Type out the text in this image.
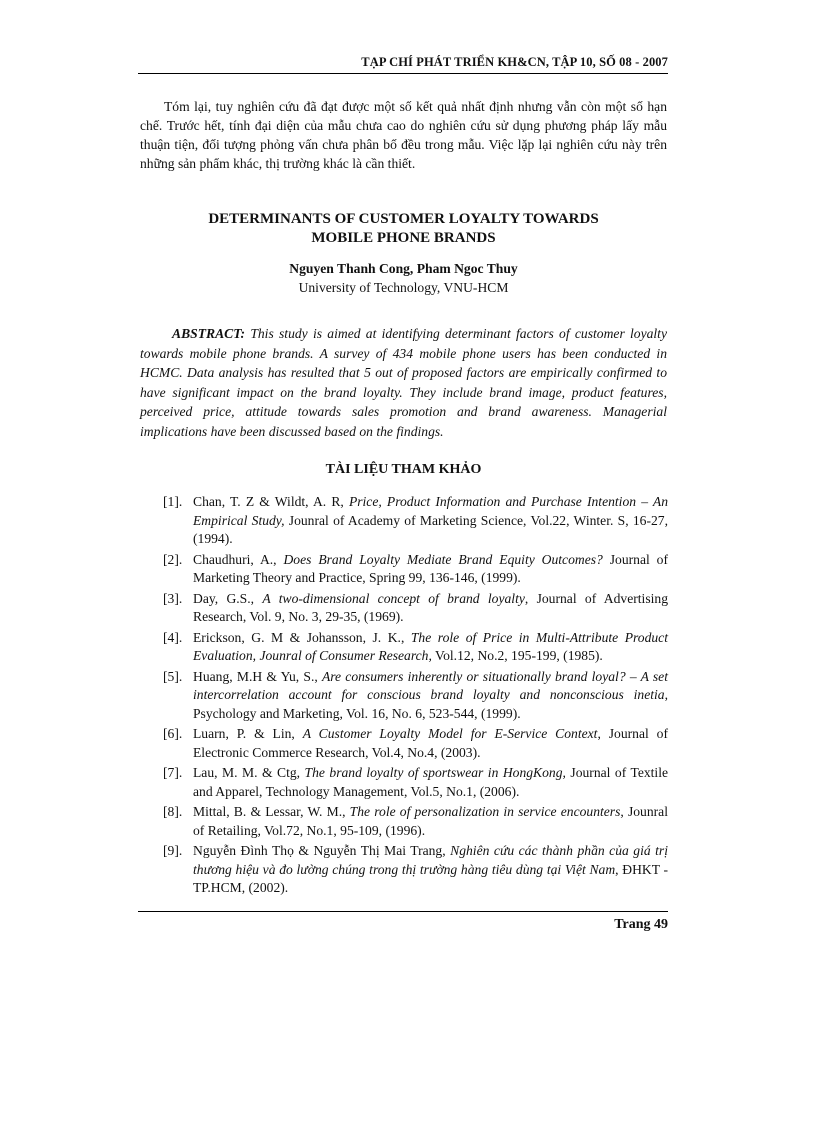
TẠP CHÍ PHÁT TRIỂN KH&CN, TẬP 10, SỐ 08 - 2007

Tóm lại, tuy nghiên cứu đã đạt được một số kết quả nhất định nhưng vẫn còn một số hạn chế. Trước hết, tính đại diện của mẫu chưa cao do nghiên cứu sử dụng phương pháp lấy mẫu thuận tiện, đối tượng phỏng vấn chưa phân bố đều trong mẫu. Việc lặp lại nghiên cứu này trên những sản phẩm khác, thị trường khác là cần thiết.

DETERMINANTS OF CUSTOMER LOYALTY TOWARDS
MOBILE PHONE BRANDS
Nguyen Thanh Cong, Pham Ngoc Thuy
University of Technology, VNU-HCM

ABSTRACT: This study is aimed at identifying determinant factors of customer loyalty towards mobile phone brands. A survey of 434 mobile phone users has been conducted in HCMC. Data analysis has resulted that 5 out of proposed factors are empirically confirmed to have significant impact on the brand loyalty. They include brand image, product features, perceived price, attitude towards sales promotion and brand awareness. Managerial implications have been discussed based on the findings.

TÀI LIỆU THAM KHẢO
[1]. Chan, T. Z & Wildt, A. R, Price, Product Information and Purchase Intention – An Empirical Study, Jounral of Academy of Marketing Science, Vol.22, Winter. S, 16-27, (1994).
[2]. Chaudhuri, A., Does Brand Loyalty Mediate Brand Equity Outcomes? Journal of Marketing Theory and Practice, Spring 99, 136-146, (1999).
[3]. Day, G.S., A two-dimensional concept of brand loyalty, Journal of Advertising Research, Vol. 9, No. 3, 29-35, (1969).
[4]. Erickson, G. M & Johansson, J. K., The role of Price in Multi-Attribute Product Evaluation, Jounral of Consumer Research, Vol.12, No.2, 195-199, (1985).
[5]. Huang, M.H & Yu, S., Are consumers inherently or situationally brand loyal? – A set intercorrelation account for conscious brand loyalty and nonconscious inetia, Psychology and Marketing, Vol. 16, No. 6, 523-544, (1999).
[6]. Luarn, P. & Lin, A Customer Loyalty Model for E-Service Context, Journal of Electronic Commerce Research, Vol.4, No.4, (2003).
[7]. Lau, M. M. & Ctg, The brand loyalty of sportswear in HongKong, Journal of Textile and Apparel, Technology Management, Vol.5, No.1, (2006).
[8]. Mittal, B. & Lessar, W. M., The role of personalization in service encounters, Jounral of Retailing, Vol.72, No.1, 95-109, (1996).
[9]. Nguyễn Đình Thọ & Nguyễn Thị Mai Trang, Nghiên cứu các thành phần của giá trị thương hiệu và đo lường chúng trong thị trường hàng tiêu dùng tại Việt Nam, ĐHKT - TP.HCM, (2002).
Trang 49
